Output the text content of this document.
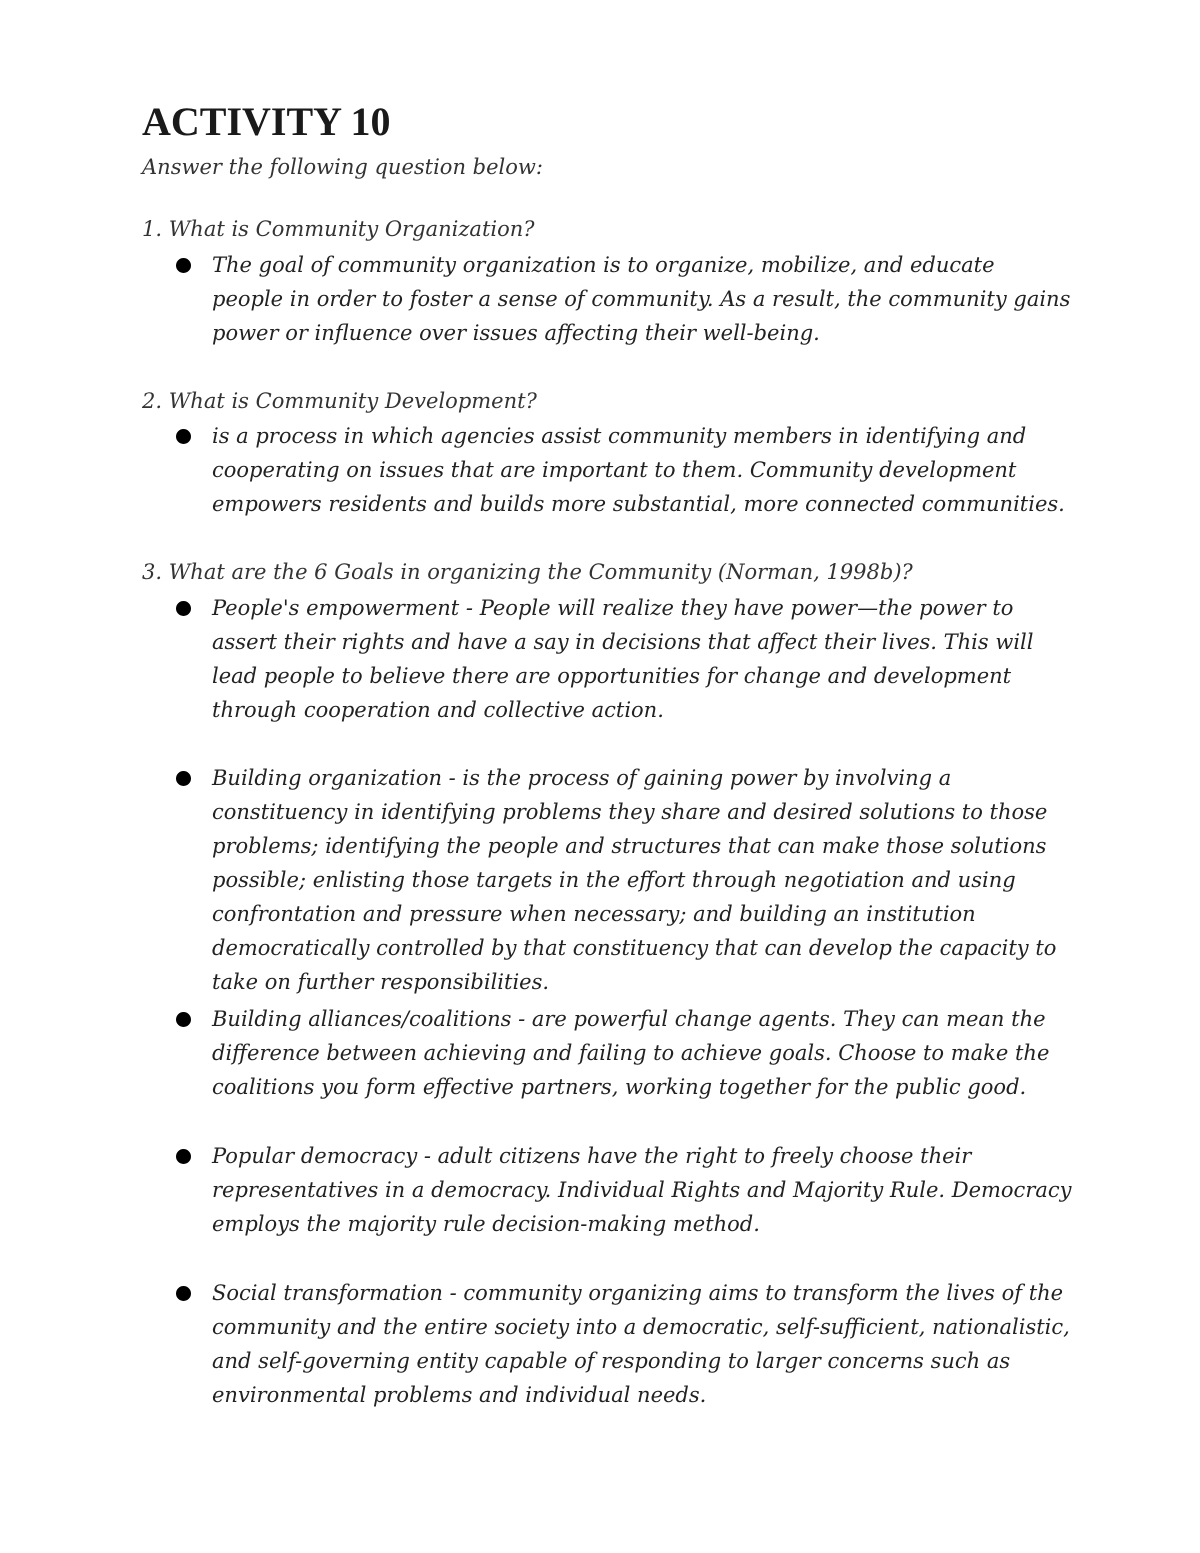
ACTIVITY 10
Answer the following question below:
1. What is Community Organization?
The goal of community organization is to organize, mobilize, and educate
people in order to foster a sense of community. As a result, the community gains
power or influence over issues affecting their well-being.
2. What is Community Development?
is a process in which agencies assist community members in identifying and
cooperating on issues that are important to them. Community development
empowers residents and builds more substantial, more connected communities.
3. What are the 6 Goals in organizing the Community (Norman, 1998b)?
People's empowerment - People will realize they have power—the power to
assert their rights and have a say in decisions that affect their lives. This will
lead people to believe there are opportunities for change and development
through cooperation and collective action.
Building organization - is the process of gaining power by involving a
constituency in identifying problems they share and desired solutions to those
problems; identifying the people and structures that can make those solutions
possible; enlisting those targets in the effort through negotiation and using
confrontation and pressure when necessary; and building an institution
democratically controlled by that constituency that can develop the capacity to
take on further responsibilities.
Building alliances/coalitions - are powerful change agents. They can mean the
difference between achieving and failing to achieve goals. Choose to make the
coalitions you form effective partners, working together for the public good.
Popular democracy - adult citizens have the right to freely choose their
representatives in a democracy. Individual Rights and Majority Rule. Democracy
employs the majority rule decision-making method.
Social transformation - community organizing aims to transform the lives of the
community and the entire society into a democratic, self-sufficient, nationalistic,
and self-governing entity capable of responding to larger concerns such as
environmental problems and individual needs.
